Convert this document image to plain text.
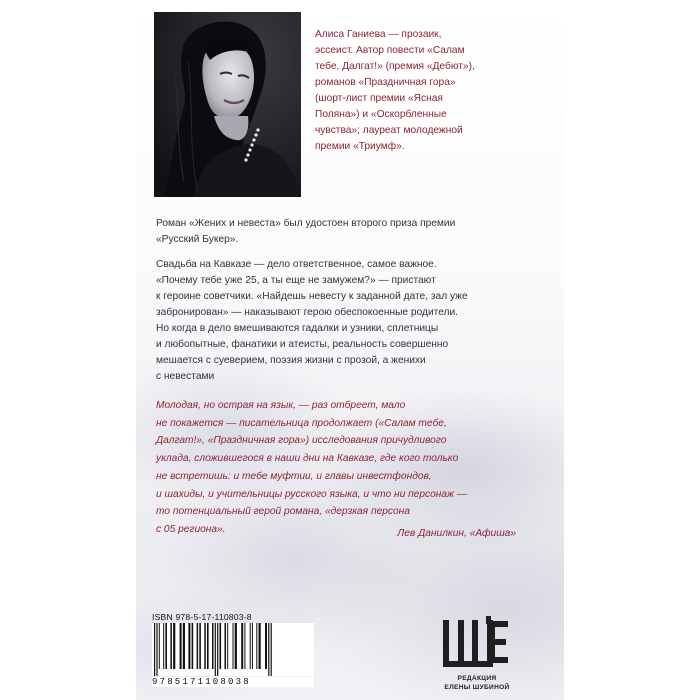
Алиса Ганиева — прозаик,
эссеист. Автор повести «Салам
тебе, Далгат!» (премия «Дебют»),
романов «Праздничная гора»
(шорт-лист премии «Ясная
Поляна») и «Оскорбленные
чувства»; лауреат молодежной
премии «Триумф».

Роман «Жених и невеста» был удостоен второго приза премии
«Русский Букер».

Свадьба на Кавказе — дело ответственное, самое важное.
«Почему тебе уже 25, а ты еще не замужем?» — пристают
к героине советчики. «Найдешь невесту к заданной дате, зал уже
забронирован» — наказывают герою обеспокоенные родители.
Но когда в дело вмешиваются гадалки и узники, сплетницы
и любопытные, фанатики и атеисты, реальность совершенно
мешается с суеверием, поэзия жизни с прозой, а женихи
с невестами

Молодая, но острая на язык, — раз отбреет, мало
не покажется — писательница продолжает («Салам тебе,
Далгат!», «Праздничная гора») исследования причудливого
уклада, сложившегося в наши дни на Кавказе, где кого только
не встретишь: и тебе муфтии, и главы инвестфондов,
и шахиды, и учительницы русского языка, и что ни персонаж —
то потенциальный герой романа, «дерзкая персона
с 05 региона».	Лев Данилкин, «Афиша»

ISBN 978-5-17-110803-8
9785171108038	РЕДАКЦИЯ
ЕЛЕНЫ ШУБИНОЙ
